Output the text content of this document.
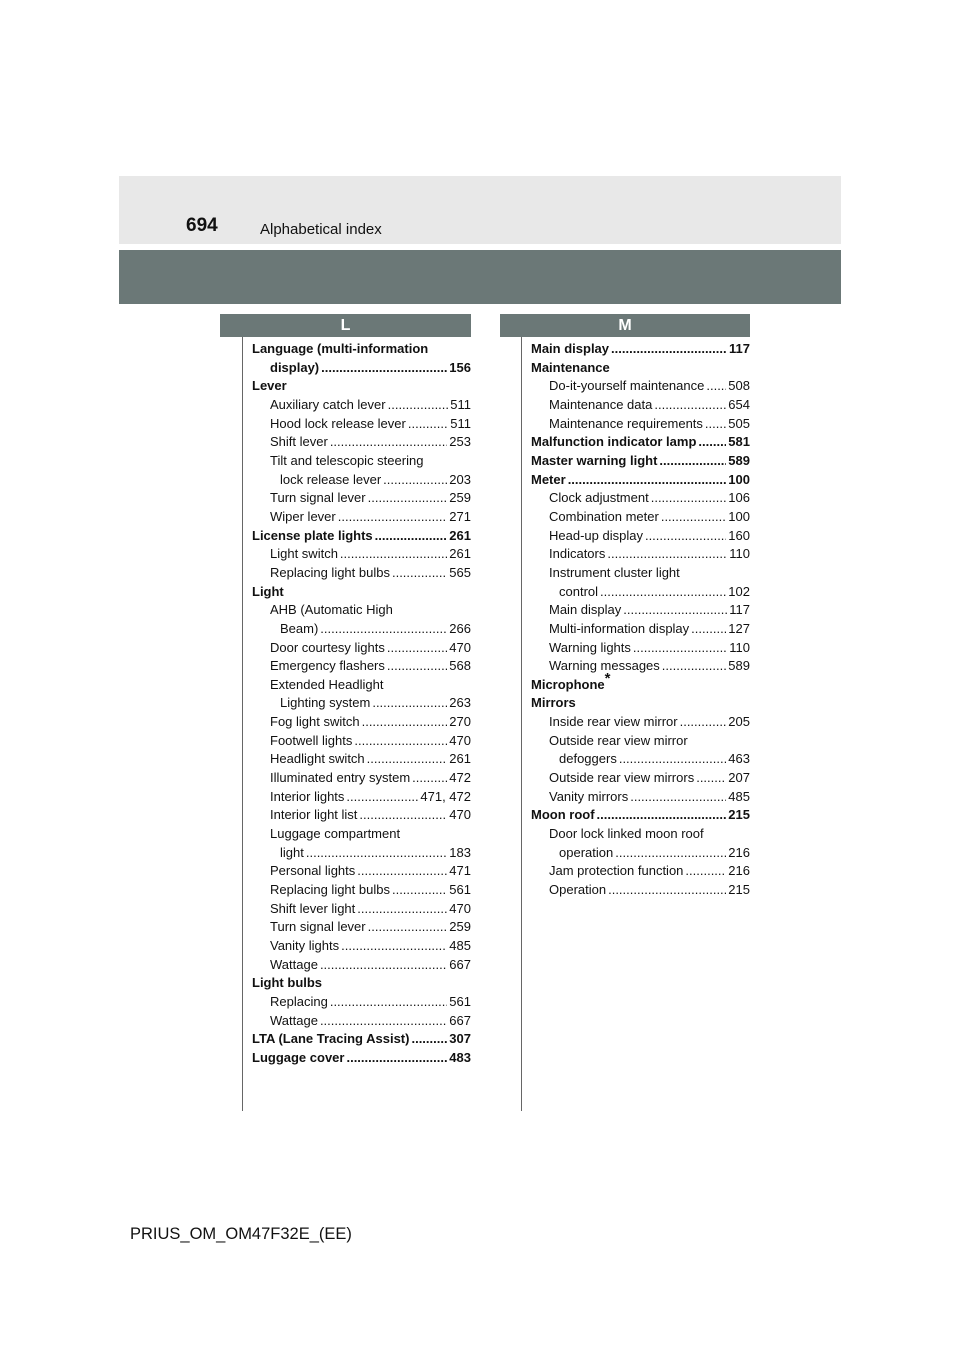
694	Alphabetical index
L	M
Language (multi-information
display) .....	156
Lever
Auxiliary catch lever .....	511
Hood lock release lever .....	511
Shift lever .....	253
Tilt and telescopic steering
lock release lever .....	203
Turn signal lever .....	259
Wiper lever .....	271
License plate lights .....	261
Light switch .....	261
Replacing light bulbs .....	565
Light
AHB (Automatic High
Beam) .....	266
Door courtesy lights .....	470
Emergency flashers .....	568
Extended Headlight
Lighting system .....	263
Fog light switch .....	270
Footwell lights .....	470
Headlight switch .....	261
Illuminated entry system .....	472
Interior lights .....	471, 472
Interior light list .....	470
Luggage compartment
light .....	183
Personal lights .....	471
Replacing light bulbs .....	561
Shift lever light .....	470
Turn signal lever .....	259
Vanity lights .....	485
Wattage .....	667
Light bulbs
Replacing .....	561
Wattage .....	667
LTA (Lane Tracing Assist) .....	307
Luggage cover .....	483
Main display .....	117
Maintenance
Do-it-yourself maintenance ..... 508
Maintenance data .....	654
Maintenance requirements ..... 505
Malfunction indicator lamp ..... 581
Master warning light .....	589
Meter .....	100
Clock adjustment .....	106
Combination meter .....	100
Head-up display .....	160
Indicators .....	110
Instrument cluster light
control .....	102
Main display .....	117
Multi-information display .....	127
Warning lights .....	110
Warning messages .....	589
Microphone*
Mirrors
Inside rear view mirror .....	205
Outside rear view mirror
defoggers .....	463
Outside rear view mirrors .....	207
Vanity mirrors .....	485
Moon roof .....	215
Door lock linked moon roof
operation .....	216
Jam protection function .....	216
Operation .....	215
PRIUS_OM_OM47F32E_(EE)
